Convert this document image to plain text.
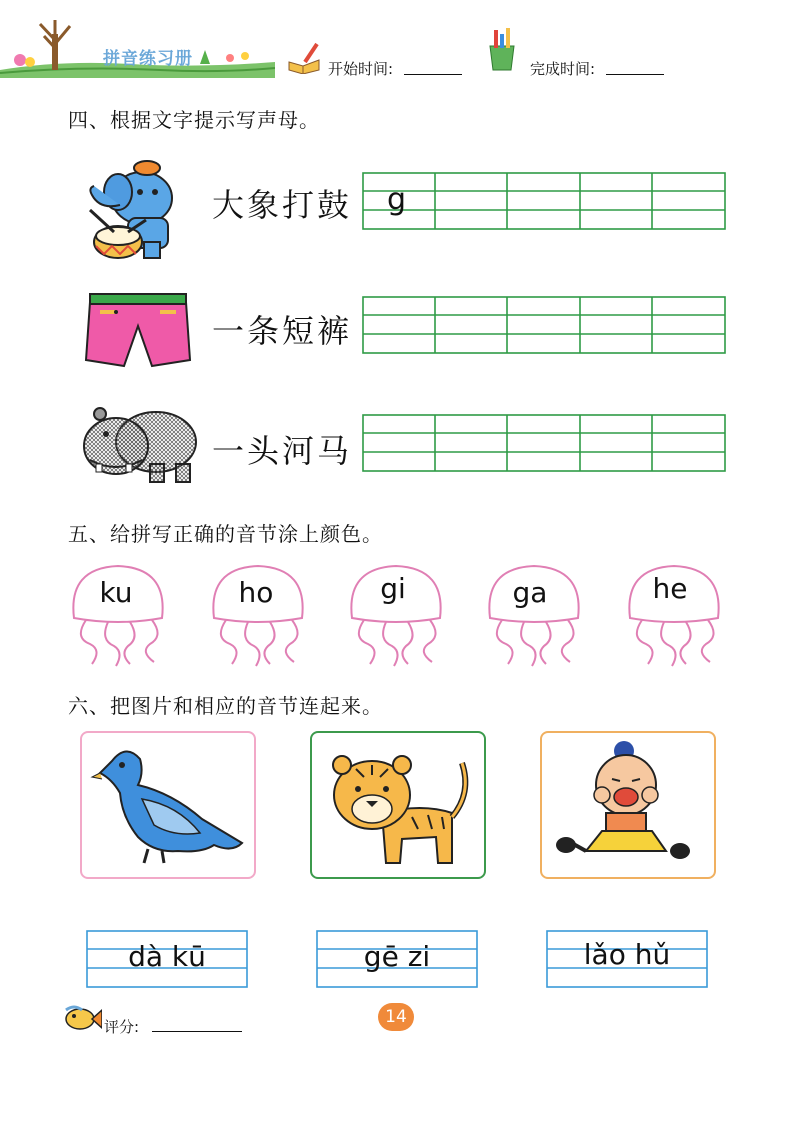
拼音练习册	开始时间:	完成时间:
四、根据文字提示写声母。
大象打鼓 g
一条短裤
一头河马
五、给拼写正确的音节涂上颜色。
ku	ho	gi	ga	he
六、把图片和相应的音节连起来。
dà kū	gē zi	lǎo hǔ
评分:	14
